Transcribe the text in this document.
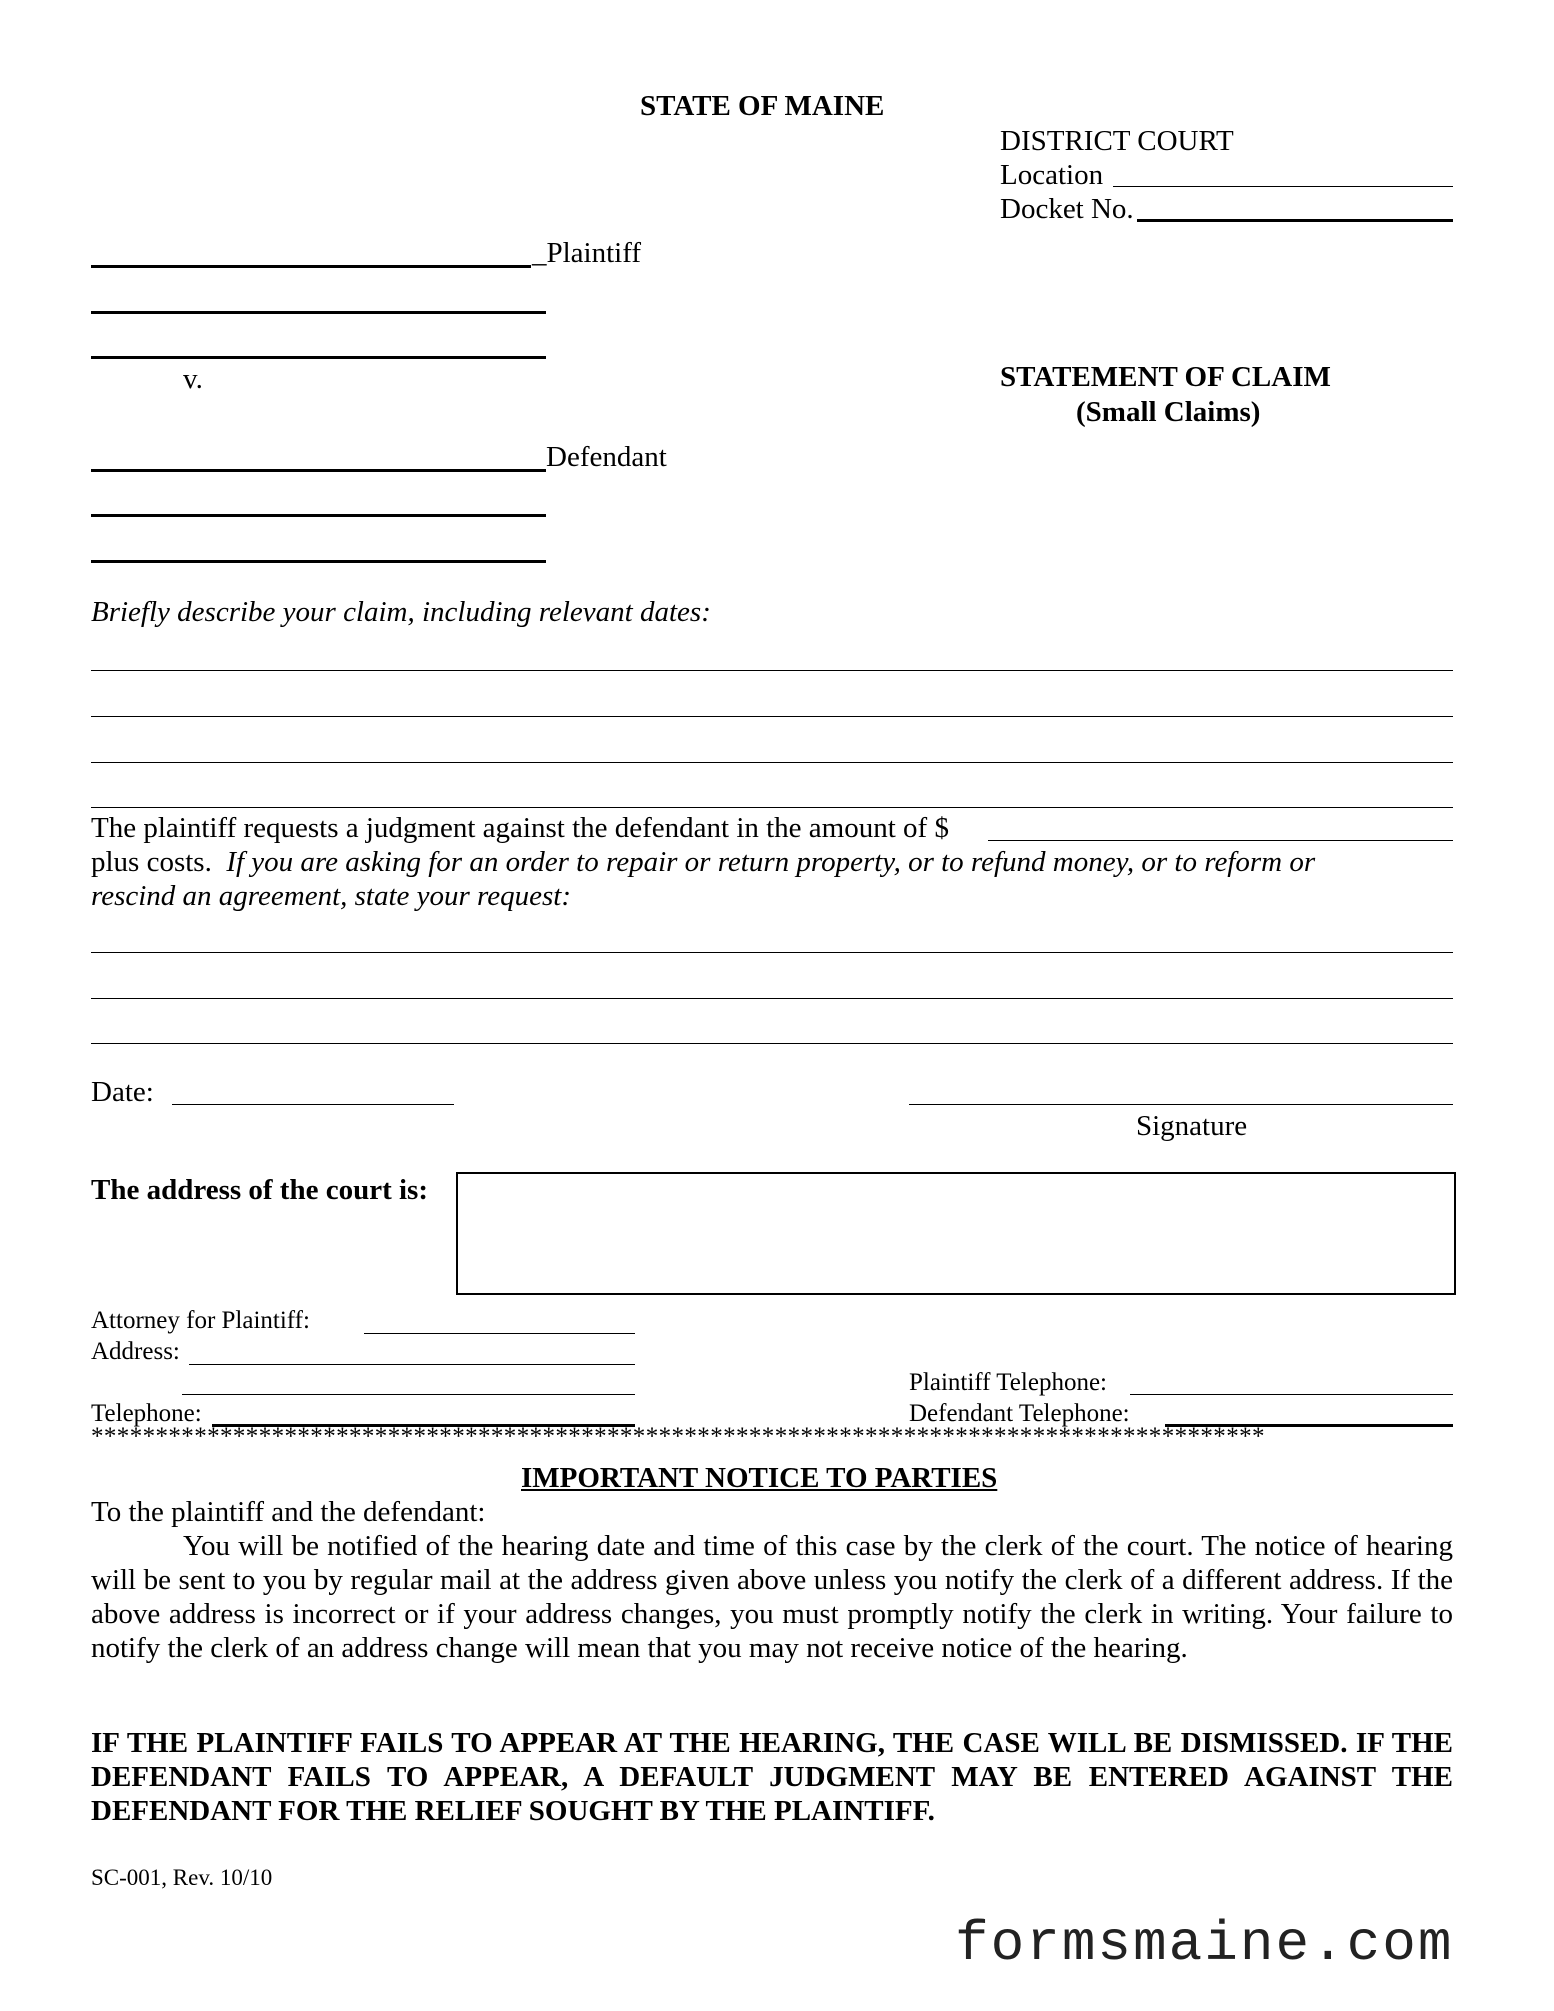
STATE OF MAINE
DISTRICT COURT
Location
Docket No.
_Plaintiff
v.	STATEMENT OF CLAIM
(Small Claims)
Defendant
Briefly describe your claim, including relevant dates:
The plaintiff requests a judgment against the defendant in the amount of $
plus costs. If you are asking for an order to repair or return property, or to refund money, or to reform or
rescind an agreement, state your request:
Date:
Signature
The address of the court is:
Attorney for Plaintiff:
Address:
Plaintiff Telephone:
Telephone:	Defendant Telephone:
*******************************************************************************************
IMPORTANT NOTICE TO PARTIES
To the plaintiff and the defendant:
You will be notified of the hearing date and time of this case by the clerk of the court. The notice of hearing will be sent to you by regular mail at the address given above unless you notify the clerk of a different address. If the above address is incorrect or if your address changes, you must promptly notify the clerk in writing. Your failure to notify the clerk of an address change will mean that you may not receive notice of the hearing.
IF THE PLAINTIFF FAILS TO APPEAR AT THE HEARING, THE CASE WILL BE DISMISSED. IF THE DEFENDANT FAILS TO APPEAR, A DEFAULT JUDGMENT MAY BE ENTERED AGAINST THE DEFENDANT FOR THE RELIEF SOUGHT BY THE PLAINTIFF.
SC-001, Rev. 10/10
formsmaine.com
